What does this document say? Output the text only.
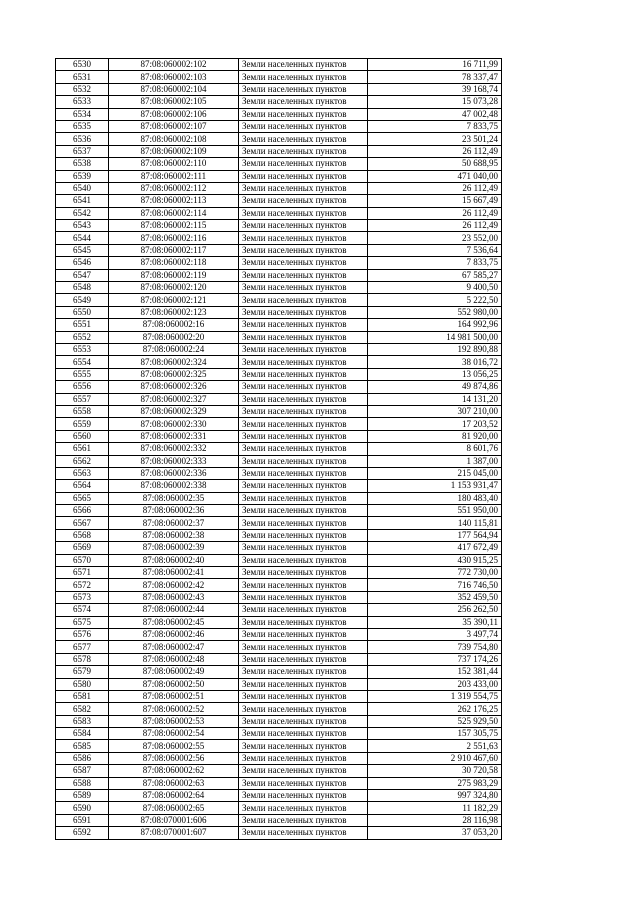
6530	87:08:060002:102	Земли населенных пунктов	16 711,99
6531	87:08:060002:103	Земли населенных пунктов	78 337,47
6532	87:08:060002:104	Земли населенных пунктов	39 168,74
6533	87:08:060002:105	Земли населенных пунктов	15 073,28
6534	87:08:060002:106	Земли населенных пунктов	47 002,48
6535	87:08:060002:107	Земли населенных пунктов	7 833,75
6536	87:08:060002:108	Земли населенных пунктов	23 501,24
6537	87:08:060002:109	Земли населенных пунктов	26 112,49
6538	87:08:060002:110	Земли населенных пунктов	50 688,95
6539	87:08:060002:111	Земли населенных пунктов	471 040,00
6540	87:08:060002:112	Земли населенных пунктов	26 112,49
6541	87:08:060002:113	Земли населенных пунктов	15 667,49
6542	87:08:060002:114	Земли населенных пунктов	26 112,49
6543	87:08:060002:115	Земли населенных пунктов	26 112,49
6544	87:08:060002:116	Земли населенных пунктов	23 552,00
6545	87:08:060002:117	Земли населенных пунктов	7 536,64
6546	87:08:060002:118	Земли населенных пунктов	7 833,75
6547	87:08:060002:119	Земли населенных пунктов	67 585,27
6548	87:08:060002:120	Земли населенных пунктов	9 400,50
6549	87:08:060002:121	Земли населенных пунктов	5 222,50
6550	87:08:060002:123	Земли населенных пунктов	552 980,00
6551	87:08:060002:16	Земли населенных пунктов	164 992,96
6552	87:08:060002:20	Земли населенных пунктов	14 981 500,00
6553	87:08:060002:24	Земли населенных пунктов	192 890,88
6554	87:08:060002:324	Земли населенных пунктов	38 016,72
6555	87:08:060002:325	Земли населенных пунктов	13 056,25
6556	87:08:060002:326	Земли населенных пунктов	49 874,86
6557	87:08:060002:327	Земли населенных пунктов	14 131,20
6558	87:08:060002:329	Земли населенных пунктов	307 210,00
6559	87:08:060002:330	Земли населенных пунктов	17 203,52
6560	87:08:060002:331	Земли населенных пунктов	81 920,00
6561	87:08:060002:332	Земли населенных пунктов	8 601,76
6562	87:08:060002:333	Земли населенных пунктов	1 387,00
6563	87:08:060002:336	Земли населенных пунктов	215 045,00
6564	87:08:060002:338	Земли населенных пунктов	1 153 931,47
6565	87:08:060002:35	Земли населенных пунктов	180 483,40
6566	87:08:060002:36	Земли населенных пунктов	551 950,00
6567	87:08:060002:37	Земли населенных пунктов	140 115,81
6568	87:08:060002:38	Земли населенных пунктов	177 564,94
6569	87:08:060002:39	Земли населенных пунктов	417 672,49
6570	87:08:060002:40	Земли населенных пунктов	430 915,25
6571	87:08:060002:41	Земли населенных пунктов	772 730,00
6572	87:08:060002:42	Земли населенных пунктов	716 746,50
6573	87:08:060002:43	Земли населенных пунктов	352 459,50
6574	87:08:060002:44	Земли населенных пунктов	256 262,50
6575	87:08:060002:45	Земли населенных пунктов	35 390,11
6576	87:08:060002:46	Земли населенных пунктов	3 497,74
6577	87:08:060002:47	Земли населенных пунктов	739 754,80
6578	87:08:060002:48	Земли населенных пунктов	737 174,26
6579	87:08:060002:49	Земли населенных пунктов	152 381,44
6580	87:08:060002:50	Земли населенных пунктов	203 433,00
6581	87:08:060002:51	Земли населенных пунктов	1 319 554,75
6582	87:08:060002:52	Земли населенных пунктов	262 176,25
6583	87:08:060002:53	Земли населенных пунктов	525 929,50
6584	87:08:060002:54	Земли населенных пунктов	157 305,75
6585	87:08:060002:55	Земли населенных пунктов	2 551,63
6586	87:08:060002:56	Земли населенных пунктов	2 910 467,60
6587	87:08:060002:62	Земли населенных пунктов	30 720,58
6588	87:08:060002:63	Земли населенных пунктов	275 983,29
6589	87:08:060002:64	Земли населенных пунктов	997 324,80
6590	87:08:060002:65	Земли населенных пунктов	11 182,29
6591	87:08:070001:606	Земли населенных пунктов	28 116,98
6592	87:08:070001:607	Земли населенных пунктов	37 053,20
